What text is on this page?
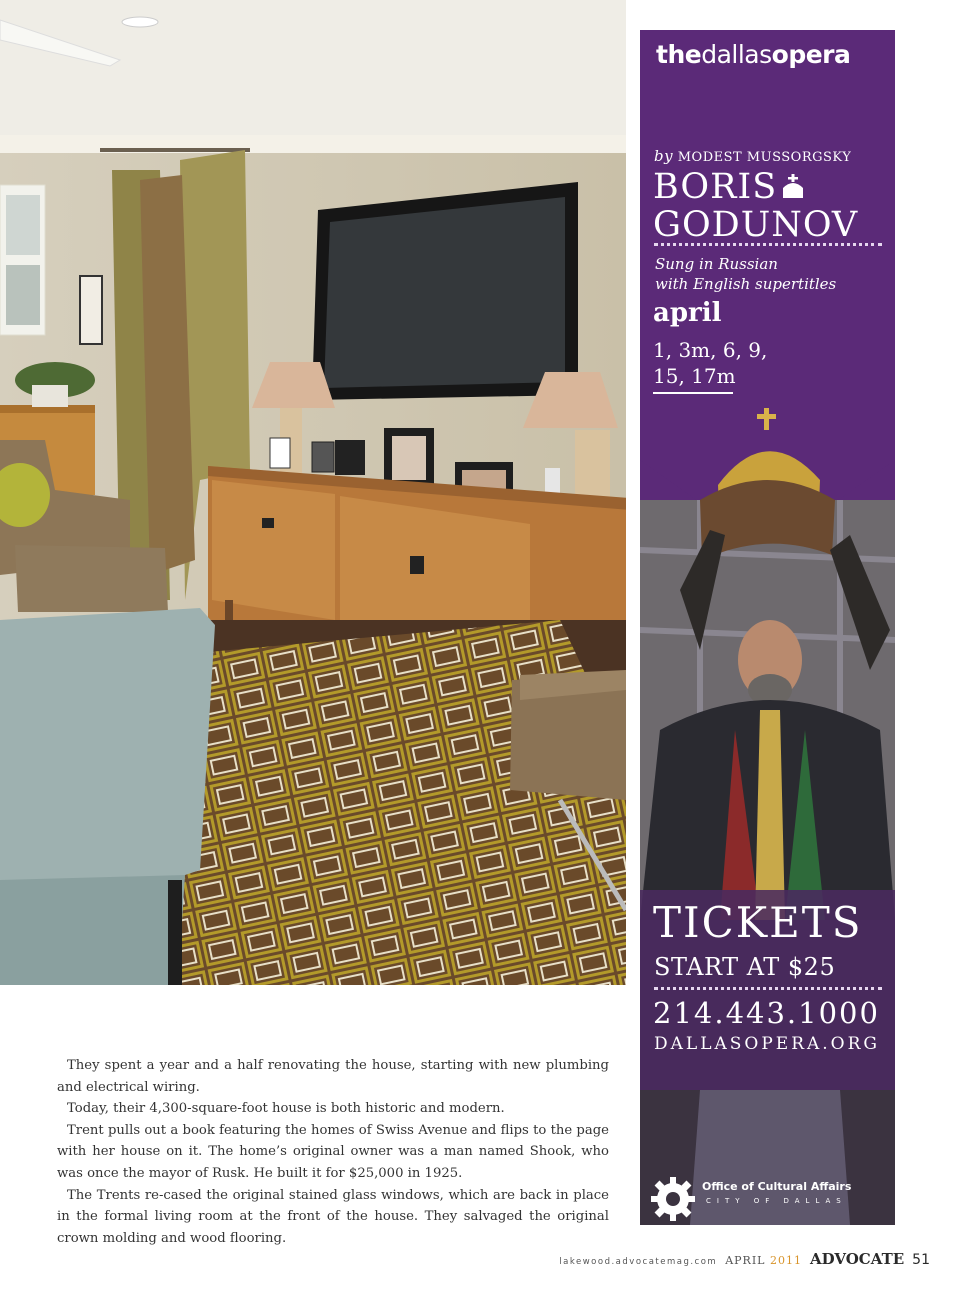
They spent a year and a half renovating the house, starting with new plumbing and electrical wiring.

Today, their 4,300-square-foot house is both historic and modern.

Trent pulls out a book featuring the homes of Swiss Avenue and flips to the page with her house on it. The home’s original owner was a man named Shook, who was once the mayor of Rusk. He built it for $25,000 in 1925.

The Trents re-cased the original stained glass windows, which are back in place in the formal living room at the front of the house. They salvaged the original crown molding and wood flooring.

thedallasopera
by MODEST MUSSORGSKY
BORIS
GODUNOV
Sung in Russian
with English supertitles
april
1, 3m, 6, 9,
15, 17m
TICKETS
START AT $25
214.443.1000
DALLASOPERA.ORG
Office of Cultural Affairs
CITY OF DALLAS
lakewood.advocatemag.com APRIL 2011 ADVOCATE 51
